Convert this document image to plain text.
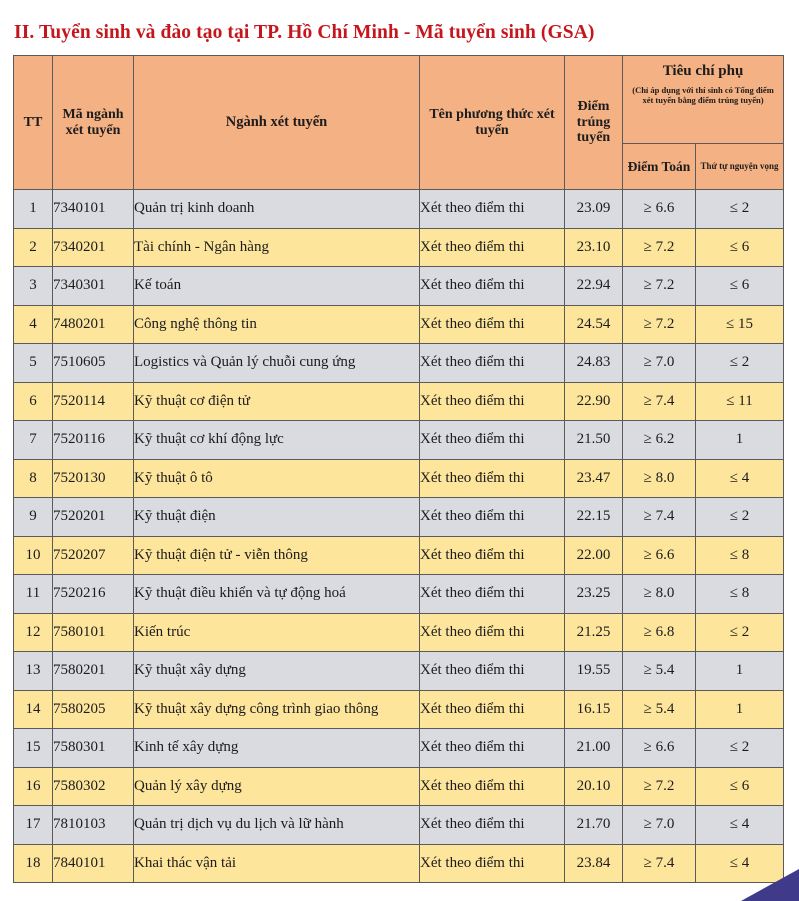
II. Tuyển sinh và đào tạo tại TP. Hồ Chí Minh - Mã tuyển sinh (GSA)
TT	Mã ngành xét tuyển	Ngành xét tuyển	Tên phương thức xét tuyển	Điểm trúng tuyển	Tiêu chí phụ
(Chỉ áp dụng với thí sinh có Tổng điểm xét tuyển bằng điểm trúng tuyển)	

					Điểm Toán	Thứ tự nguyện vọng
1	7340101	Quản trị kinh doanh	Xét theo điểm thi	23.09	≥ 6.6	≤ 2
2	7340201	Tài chính - Ngân hàng	Xét theo điểm thi	23.10	≥ 7.2	≤ 6
3	7340301	Kế toán	Xét theo điểm thi	22.94	≥ 7.2	≤ 6
4	7480201	Công nghệ thông tin	Xét theo điểm thi	24.54	≥ 7.2	≤ 15
5	7510605	Logistics và Quản lý chuỗi cung ứng	Xét theo điểm thi	24.83	≥ 7.0	≤ 2
6	7520114	Kỹ thuật cơ điện tử	Xét theo điểm thi	22.90	≥ 7.4	≤ 11
7	7520116	Kỹ thuật cơ khí động lực	Xét theo điểm thi	21.50	≥ 6.2	1
8	7520130	Kỹ thuật ô tô	Xét theo điểm thi	23.47	≥ 8.0	≤ 4
9	7520201	Kỹ thuật điện	Xét theo điểm thi	22.15	≥ 7.4	≤ 2
10	7520207	Kỹ thuật điện tử - viễn thông	Xét theo điểm thi	22.00	≥ 6.6	≤ 8
11	7520216	Kỹ thuật điều khiển và tự động hoá	Xét theo điểm thi	23.25	≥ 8.0	≤ 8
12	7580101	Kiến trúc	Xét theo điểm thi	21.25	≥ 6.8	≤ 2
13	7580201	Kỹ thuật xây dựng	Xét theo điểm thi	19.55	≥ 5.4	1
14	7580205	Kỹ thuật xây dựng công trình giao thông	Xét theo điểm thi	16.15	≥ 5.4	1
15	7580301	Kinh tế xây dựng	Xét theo điểm thi	21.00	≥ 6.6	≤ 2
16	7580302	Quản lý xây dựng	Xét theo điểm thi	20.10	≥ 7.2	≤ 6
17	7810103	Quản trị dịch vụ du lịch và lữ hành	Xét theo điểm thi	21.70	≥ 7.0	≤ 4
18	7840101	Khai thác vận tải	Xét theo điểm thi	23.84	≥ 7.4	≤ 4
